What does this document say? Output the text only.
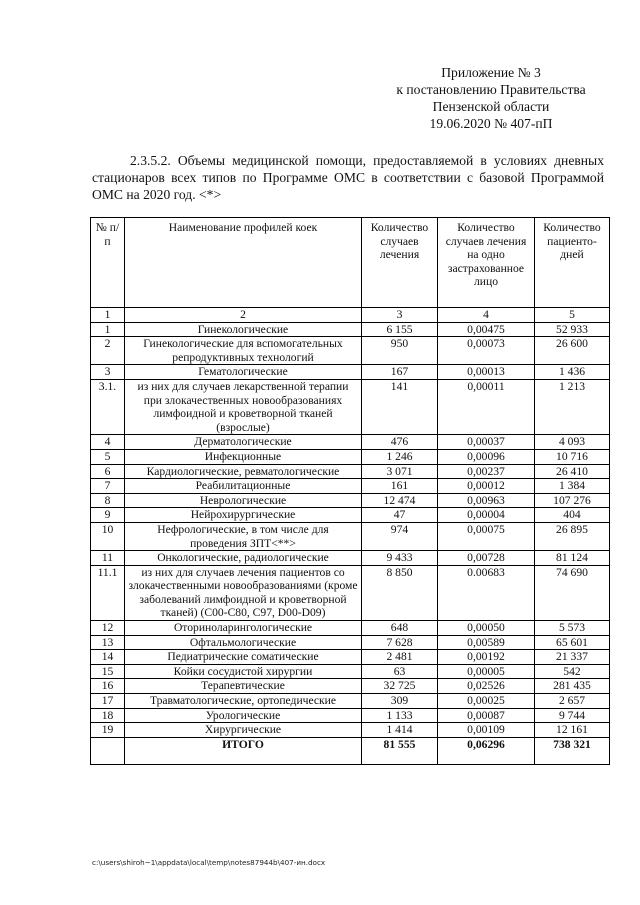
Приложение № 3
к постановлению Правительства
Пензенской области
19.06.2020 № 407-пП
2.3.5.2. Объемы медицинской помощи, предоставляемой в условиях дневных стационаров всех типов по Программе ОМС в соответствии с базовой Программой ОМС на 2020 год. <*>
№ п/п	Наименование профилей коек	Количество случаев лечения	Количество случаев лечения на одно застрахованное лицо	Количество пациенто-дней
1	2	3	4	5
1	Гинекологические	6 155	0,00475	52 933
2	Гинекологические для вспомогательных репродуктивных технологий	950	0,00073	26 600
3	Гематологические	167	0,00013	1 436
3.1.	из них для случаев лекарственной терапии при злокачественных новообразованиях лимфоидной и кроветворной тканей (взрослые)	141	0,00011	1 213
4	Дерматологические	476	0,00037	4 093
5	Инфекционные	1 246	0,00096	10 716
6	Кардиологические, ревматологические	3 071	0,00237	26 410
7	Реабилитационные	161	0,00012	1 384
8	Неврологические	12 474	0,00963	107 276
9	Нейрохирургические	47	0,00004	404
10	Нефрологические, в том числе для проведения ЗПТ<**>	974	0,00075	26 895
11	Онкологические, радиологические	9 433	0,00728	81 124
11.1	из них для случаев лечения пациентов со злокачественными новообразованиями (кроме заболеваний лимфоидной и кроветворной тканей) (C00-C80, C97, D00-D09)	8 850	0.00683	74 690
12	Оториноларингологические	648	0,00050	5 573
13	Офтальмологические	7 628	0,00589	65 601
14	Педиатрические соматические	2 481	0,00192	21 337
15	Койки сосудистой хирургии	63	0,00005	542
16	Терапевтические	32 725	0,02526	281 435
17	Травматологические, ортопедические	309	0,00025	2 657
18	Урологические	1 133	0,00087	9 744
19	Хирургические	1 414	0,00109	12 161
	ИТОГО	81 555	0,06296	738 321
c:\users\shiroh~1\appdata\local\temp\notes87944b\407-ин.docx
